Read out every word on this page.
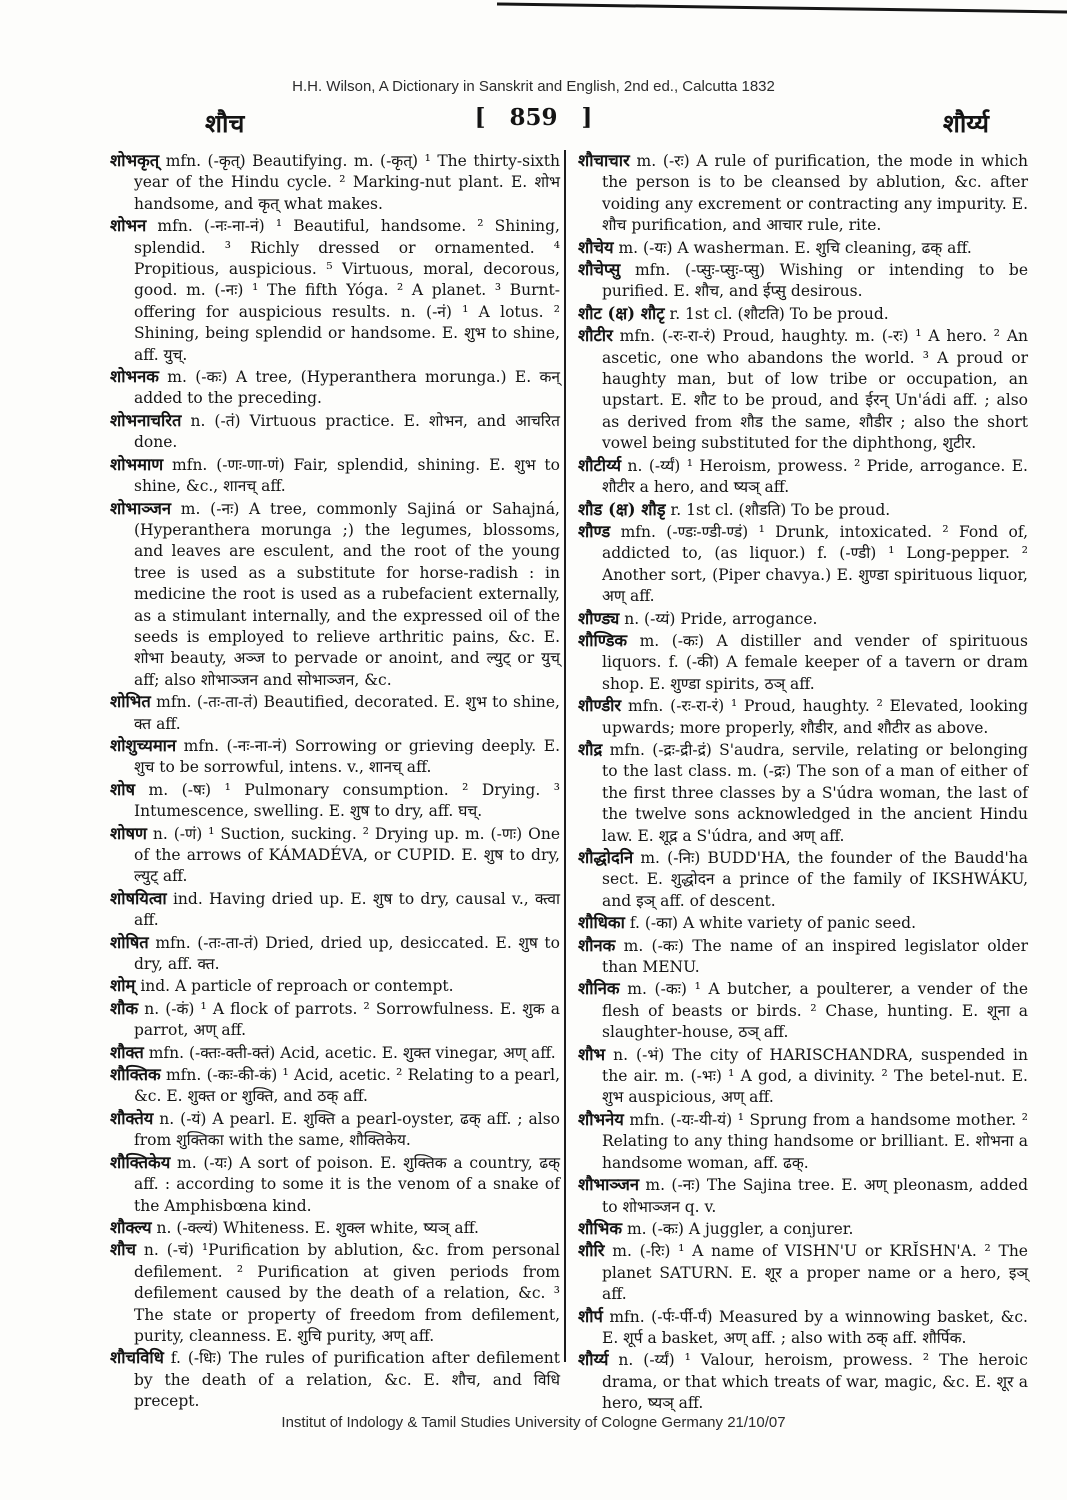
H.H. Wilson, A Dictionary in Sanskrit and English, 2nd ed., Calcutta 1832
शौच	[ 859 ]	शौर्य्य
शोभकृत् mfn. (-कृत्) Beautifying. m. (-कृत्) ¹ The thirty-sixth year of the Hindu cycle. ² Marking-nut plant. E. शोभ handsome, and कृत् what makes.
शोभन mfn. (-नः-ना-नं) ¹ Beautiful, handsome. ² Shining, splendid. ³ Richly dressed or ornamented. ⁴ Propitious, auspicious. ⁵ Virtuous, moral, decorous, good. m. (-नः) ¹ The fifth Yóga. ² A planet. ³ Burnt-offering for auspicious results. n. (-नं) ¹ A lotus. ² Shining, being splendid or handsome. E. शुभ to shine, aff. युच्.
शोभनक m. (-कः) A tree, (Hyperanthera morunga.) E. कन् added to the preceding.
शोभनाचरित n. (-तं) Virtuous practice. E. शोभन, and आचरित done.
शोभमाण mfn. (-णः-णा-णं) Fair, splendid, shining. E. शुभ to shine, &c., शानच् aff.
शोभाञ्जन m. (-नः) A tree, commonly Sajiná or Sahajná, (Hyperanthera morunga ;) the legumes, blossoms, and leaves are esculent, and the root of the young tree is used as a substitute for horse-radish : in medicine the root is used as a rubefacient externally, as a stimulant internally, and the expressed oil of the seeds is employed to relieve arthritic pains, &c. E. शोभा beauty, अञ्ज to pervade or anoint, and ल्युट् or युच् aff; also शोभाञ्जन and सोभाञ्जन, &c.
शोभित mfn. (-तः-ता-तं) Beautified, decorated. E. शुभ to shine, क्त aff.
शोशुच्यमान mfn. (-नः-ना-नं) Sorrowing or grieving deeply. E. शुच to be sorrowful, intens. v., शानच् aff.
शोष m. (-षः) ¹ Pulmonary consumption. ² Drying. ³ Intumescence, swelling. E. शुष to dry, aff. घच्.
शोषण n. (-णं) ¹ Suction, sucking. ² Drying up. m. (-णः) One of the arrows of KÁMADÉVA, or CUPID. E. शुष to dry, ल्युट् aff.
शोषयित्वा ind. Having dried up. E. शुष to dry, causal v., क्त्वा aff.
शोषित mfn. (-तः-ता-तं) Dried, dried up, desiccated. E. शुष to dry, aff. क्त.
शोम् ind. A particle of reproach or contempt.
शौक n. (-कं) ¹ A flock of parrots. ² Sorrowfulness. E. शुक a parrot, अण् aff.
शौक्त mfn. (-क्तः-क्ती-क्तं) Acid, acetic. E. शुक्त vinegar, अण् aff.
शौक्तिक mfn. (-कः-की-कं) ¹ Acid, acetic. ² Relating to a pearl, &c. E. शुक्त or शुक्ति, and ठक् aff.
शौक्तेय n. (-यं) A pearl. E. शुक्ति a pearl-oyster, ढक् aff. ; also from शुक्तिका with the same, शौक्तिकेय.
शौक्तिकेय m. (-यः) A sort of poison. E. शुक्तिक a country, ढक् aff. : according to some it is the venom of a snake of the Amphisbœna kind.
शौक्ल्य n. (-क्ल्यं) Whiteness. E. शुक्ल white, ष्यञ् aff.
शौच n. (-चं) ¹Purification by ablution, &c. from personal defilement. ² Purification at given periods from defilement caused by the death of a relation, &c. ³ The state or property of freedom from defilement, purity, cleanness. E. शुचि purity, अण् aff.
शौचविधि f. (-धिः) The rules of purification after defilement by the death of a relation, &c. E. शौच, and विधि precept.
शौचाचार m. (-रः) A rule of purification, the mode in which the person is to be cleansed by ablution, &c. after voiding any excrement or contracting any impurity. E. शौच purification, and आचार rule, rite.
शौचेय m. (-यः) A washerman. E. शुचि cleaning, ढक् aff.
शौचेप्सु mfn. (-प्सुः-प्सुः-प्सु) Wishing or intending to be purified. E. शौच, and ईप्सु desirous.
शौट (क्ष) शौटृ r. 1st cl. (शौटति) To be proud.
शौटीर mfn. (-रः-रा-रं) Proud, haughty. m. (-रः) ¹ A hero. ² An ascetic, one who abandons the world. ³ A proud or haughty man, but of low tribe or occupation, an upstart. E. शौट to be proud, and ईरन् Un'ádi aff. ; also as derived from शौड the same, शौडीर ; also the short vowel being substituted for the diphthong, शुटीर.
शौटीर्य्य n. (-र्य्यं) ¹ Heroism, prowess. ² Pride, arrogance. E. शौटीर a hero, and ष्यञ् aff.
शौड (क्ष) शौडृ r. 1st cl. (शौडति) To be proud.
शौण्ड mfn. (-ण्डः-ण्डी-ण्डं) ¹ Drunk, intoxicated. ² Fond of, addicted to, (as liquor.) f. (-ण्डी) ¹ Long-pepper. ² Another sort, (Piper chavya.) E. शुण्डा spirituous liquor, अण् aff.
शौण्ड्य n. (-य्यं) Pride, arrogance.
शौण्डिक m. (-कः) A distiller and vender of spirituous liquors. f. (-की) A female keeper of a tavern or dram shop. E. शुण्डा spirits, ठञ् aff.
शौण्डीर mfn. (-रः-रा-रं) ¹ Proud, haughty. ² Elevated, looking upwards; more properly, शौडीर, and शौटीर as above.
शौद्र mfn. (-द्रः-द्री-द्रं) S'audra, servile, relating or belonging to the last class. m. (-द्रः) The son of a man of either of the first three classes by a S'údra woman, the last of the twelve sons acknowledged in the ancient Hindu law. E. शूद्र a S'údra, and अण् aff.
शौद्धोदनि m. (-निः) BUDD'HA, the founder of the Baudd'ha sect. E. शुद्धोदन a prince of the family of IKSHWÁKU, and इञ् aff. of descent.
शौधिका f. (-का) A white variety of panic seed.
शौनक m. (-कः) The name of an inspired legislator older than MENU.
शौनिक m. (-कः) ¹ A butcher, a poulterer, a vender of the flesh of beasts or birds. ² Chase, hunting. E. शूना a slaughter-house, ठञ् aff.
शौभ n. (-भं) The city of HARISCHANDRA, suspended in the air. m. (-भः) ¹ A god, a divinity. ² The betel-nut. E. शुभ auspicious, अण् aff.
शौभनेय mfn. (-यः-यी-यं) ¹ Sprung from a handsome mother. ² Relating to any thing handsome or brilliant. E. शोभना a handsome woman, aff. ढक्.
शौभाञ्जन m. (-नः) The Sajina tree. E. अण् pleonasm, added to शोभाञ्जन q. v.
शौभिक m. (-कः) A juggler, a conjurer.
शौरि m. (-रिः) ¹ A name of VISHN'U or KRĬSHN'A. ² The planet SATURN. E. शूर a proper name or a hero, इञ् aff.
शौर्प mfn. (-र्पः-र्पी-र्पं) Measured by a winnowing basket, &c. E. शूर्प a basket, अण् aff. ; also with ठक् aff. शौर्पिक.
शौर्य्य n. (-र्य्यं) ¹ Valour, heroism, prowess. ² The heroic drama, or that which treats of war, magic, &c. E. शूर a hero, ष्यञ् aff.
Institut of Indology & Tamil Studies University of Cologne Germany 21/10/07
